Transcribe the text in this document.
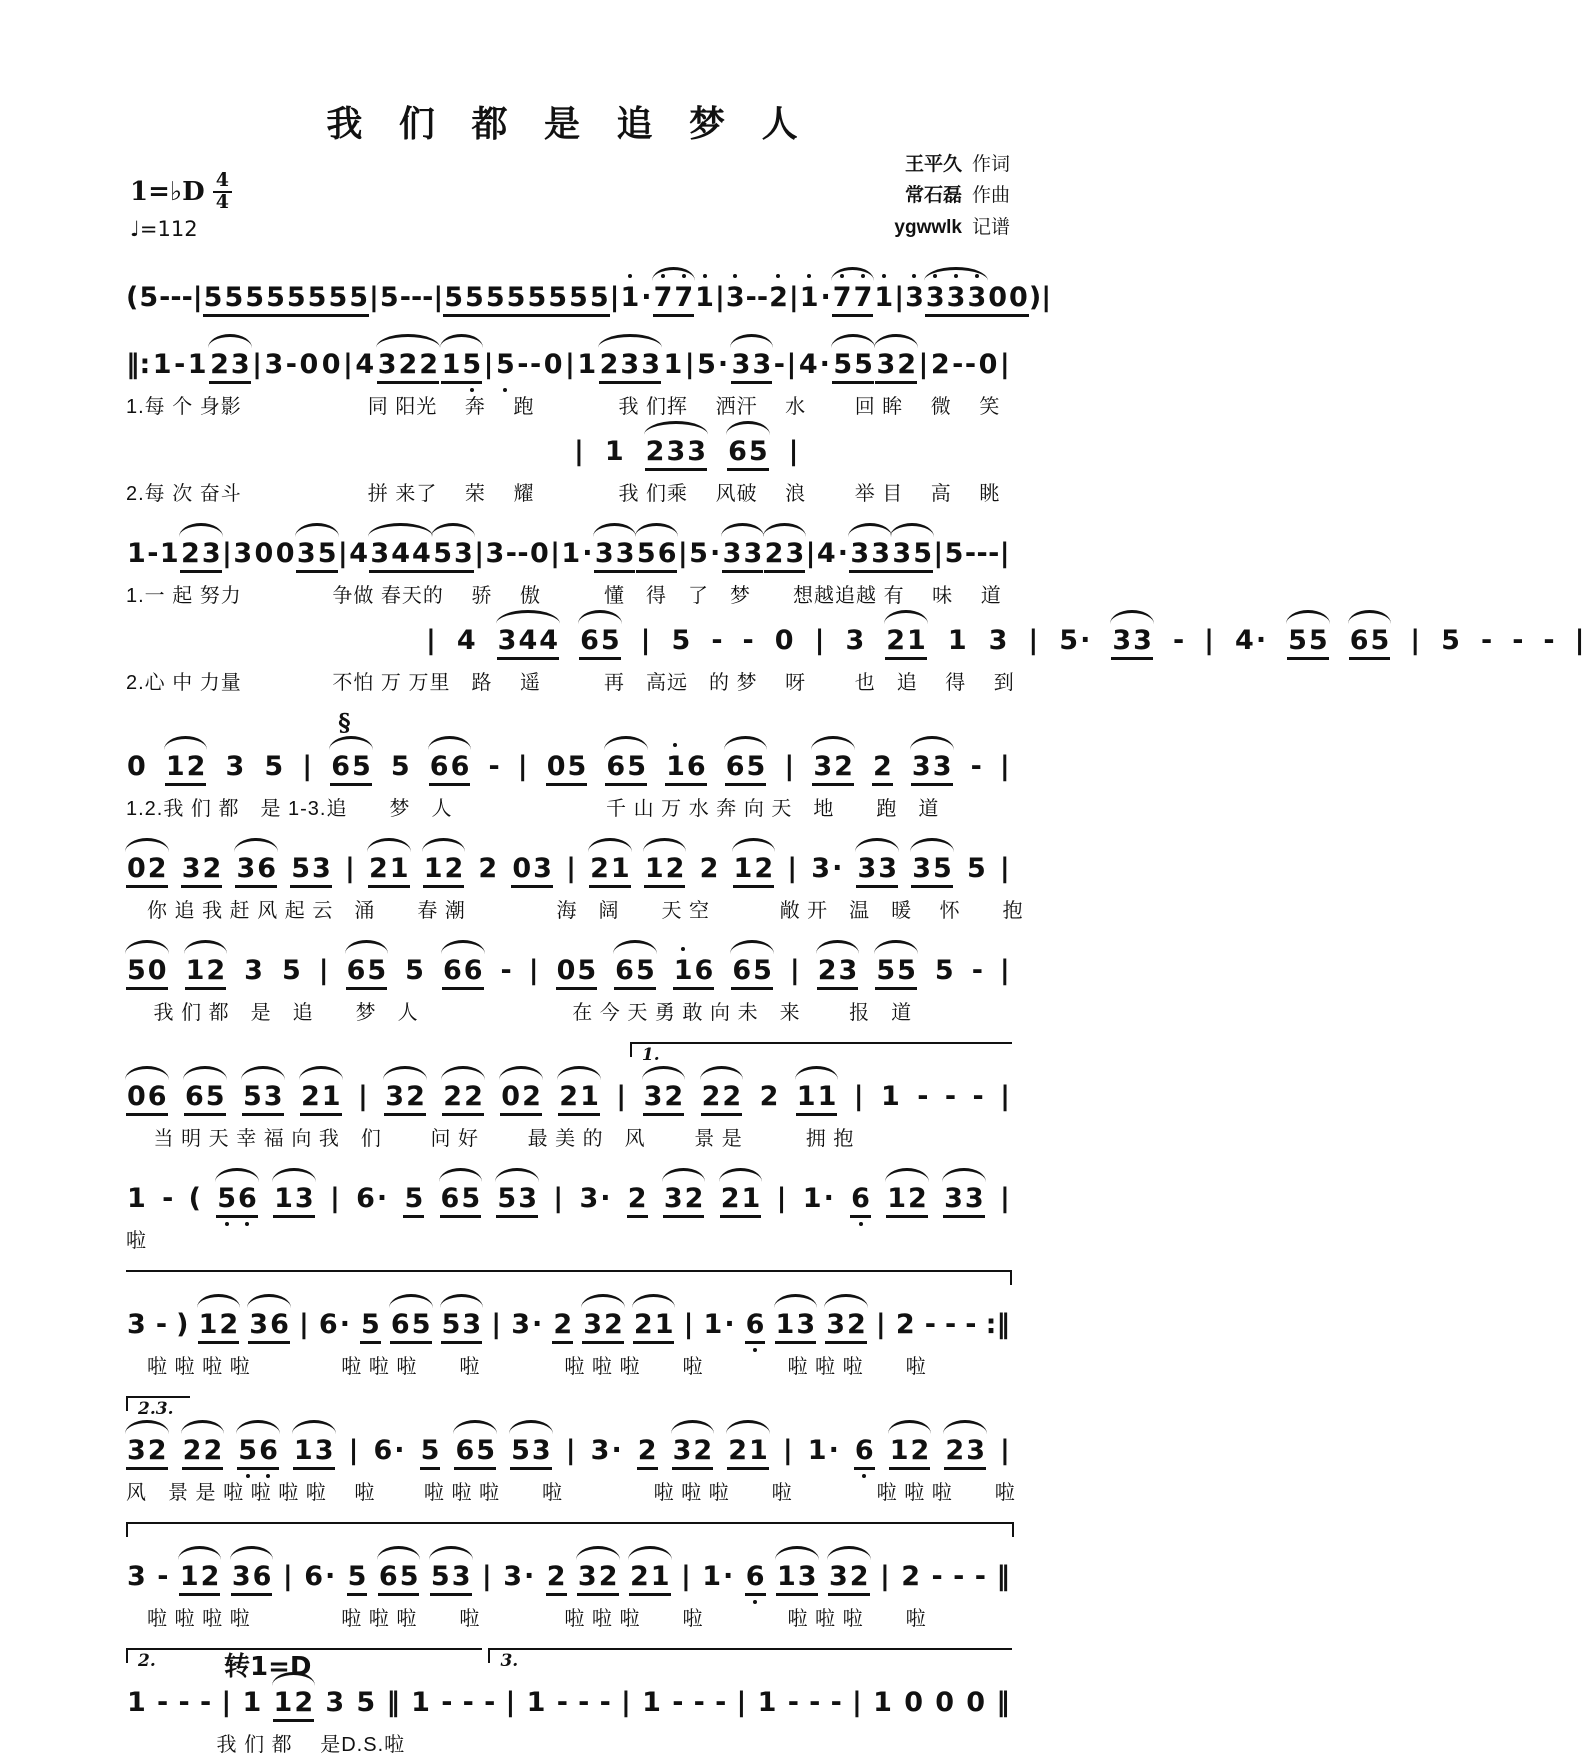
我 们 都 是 追 梦 人
1=♭D $\frac{4}{4}$
♩=112
王平久 作词
常石磊 作曲
ygwwlk 记谱
( 5 - - - | 55 55 55 55 | 5 - - - | 55 55 55 55 | 1· 77 1 | 3 - - 2 | 1· 77 1 | 3 333 00 ) |
‖: 1 - 1 23 | 3 - 0 0 | 4 322 15 | 5 - - 0 | 1 233 1 | 5· 33 - | 4· 55 32 | 2 - - 0 |
1.每 个 身影　　　　　　同 阳光　 奔　 跑　　　　我 们挥　 洒汗　 水　　 回 眸　 微　 笑
| 1 233 65 |
2.每 次 奋斗　　　　　　拼 来了　 荣　 耀　　　　我 们乘　 风破　 浪　　 举 目　 高　 眺
1 - 1 23 | 3 0 0 35 | 4 344 53 | 3 - - 0 | 1· 33 56 | 5· 33 23 | 4· 33 35 | 5 - - - |
1.一 起 努力　　　　 争做 春天的　 骄　 傲　　　懂　得　了　梦　　想越追越 有　 味　 道
| 4 344 65 | 5 - - 0 | 3 21 1 3 | 5· 33 - | 4· 55 65 | 5 - - - |
2.心 中 力量　　　　 不怕 万 万里　路　 遥　　　再　高远　的 梦　 呀　　 也　追　 得　 到
§
0 12 3 5 | 65 5 66 - | 05 65 16 65 | 32 2 33 - |
1.2.我 们 都　是 1-3.追　　梦　人　　　　　　　 千 山 万 水 奔 向 天　地　　跑　道
02 32 36 53 | 21 12 2 03 | 21 12 2 12 | 3· 33 35 5 |
　你 追 我 赶 风 起 云　涌　　春 潮　　　　 海　阔　　天 空　　　 敞 开　温　暖　 怀　　抱
50 12 3 5 | 65 5 66 - | 05 65 16 65 | 23 55 5 - |
　 我 们 都　是　追　　梦　人　　　　　　　 在 今 天 勇 敢 向 未　来　　 报　道
1.
06 65 53 21 | 32 22 02 21 | 32 22 2 11 | 1 - - - |
　 当 明 天 幸 福 向 我　们　　 问 好　　 最 美 的　风　　 景 是　　　拥 抱
1 - ( 56 13 | 6· 5 65 53 | 3· 2 32 21 | 1· 6 12 33 |
啦
3 - ) 12 36 | 6· 5 65 53 | 3· 2 32 21 | 1· 6 13 32 | 2 - - - :‖
　啦 啦 啦 啦　　　　 啦 啦 啦　　啦　　　　啦 啦 啦　　啦　　　　啦 啦 啦　　啦
2.3.
32 22 56 13 | 6· 5 65 53 | 3· 2 32 21 | 1· 6 12 23 |
风　景 是 啦 啦 啦 啦　 啦　　 啦 啦 啦　　啦　　　　 啦 啦 啦　　啦　　　　啦 啦 啦　　啦
3 - 12 36 | 6· 5 65 53 | 3· 2 32 21 | 1· 6 13 32 | 2 - - - ‖
　啦 啦 啦 啦　　　　 啦 啦 啦　　啦　　　　啦 啦 啦　　啦　　　　啦 啦 啦　　啦
2.	转1=D	3.
1 - - - | 1 12 3 5 ‖ 1 - - - | 1 - - - | 1 - - - | 1 - - - | 1 0 0 0 ‖
　　　　 我 们 都　 是D.S.啦
